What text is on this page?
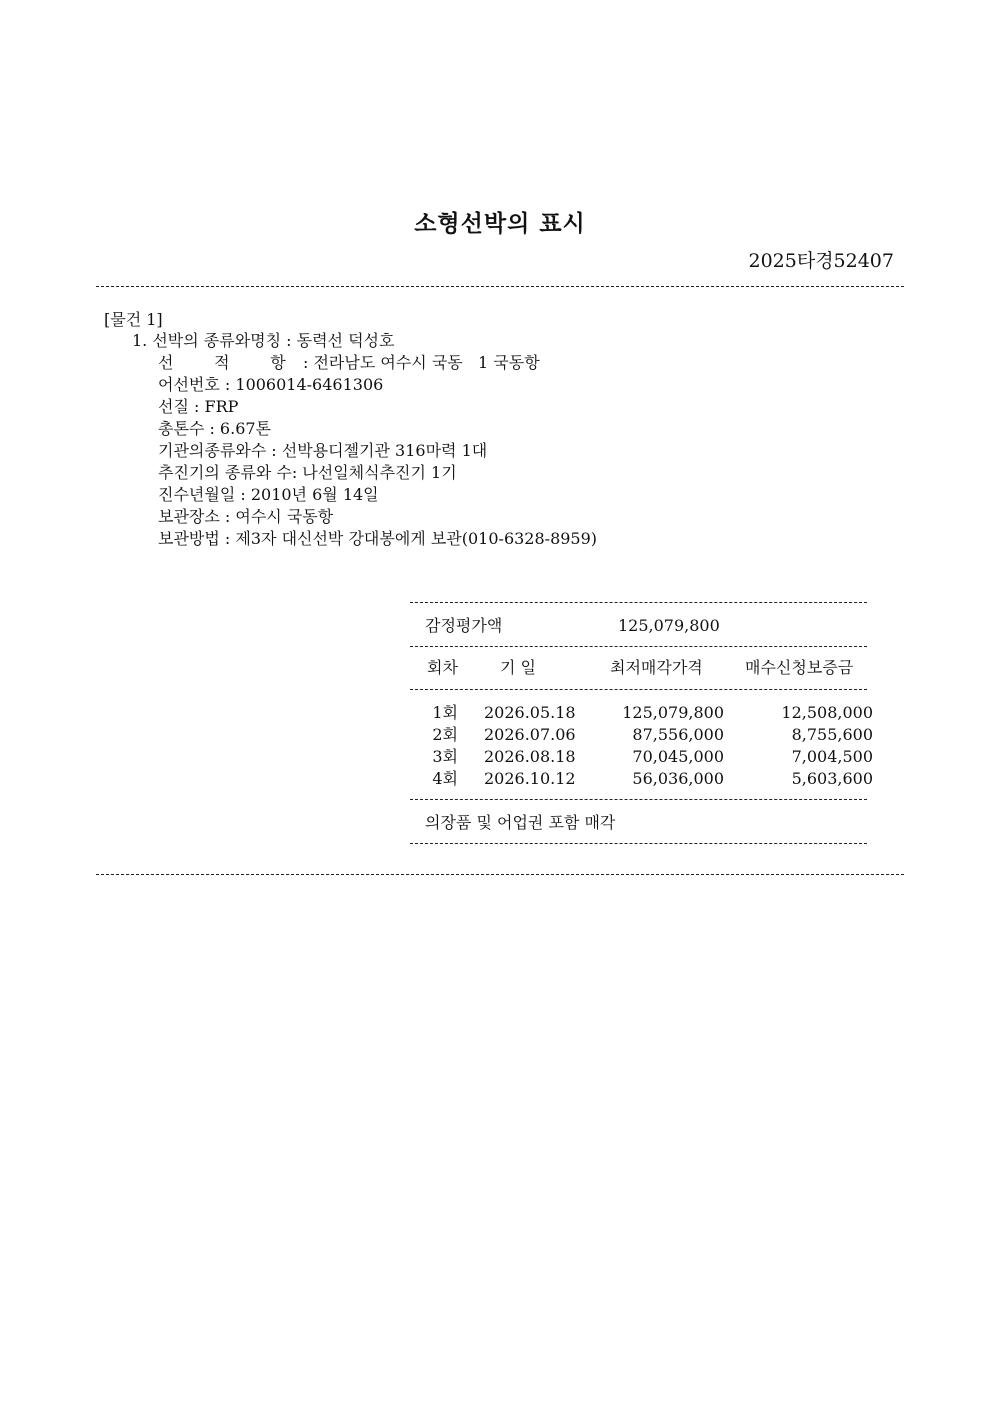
소형선박의 표시
2025타경52407
[물건 1]
1. 선박의 종류와명칭 : 동력선 덕성호
선        적        항 : 전라남도 여수시 국동   1 국동항
어선번호 : 1006014-6461306
선질 : FRP
총톤수 : 6.67톤
기관의종류와수 : 선박용디젤기관 316마력 1대
추진기의 종류와 수: 나선일체식추진기 1기
진수년월일 : 2010년 6월 14일
보관장소 : 여수시 국동항
보관방법 : 제3자 대신선박 강대봉에게 보관(010-6328-8959)
감정평가액	125,079,800
회차	기 일	최저매각가격	매수신청보증금
1회 2026.05.18	125,079,800	12,508,000
2회 2026.07.06	87,556,000	8,755,600
3회 2026.08.18	70,045,000	7,004,500
4회 2026.10.12	56,036,000	5,603,600
의장품 및 어업권 포함 매각
